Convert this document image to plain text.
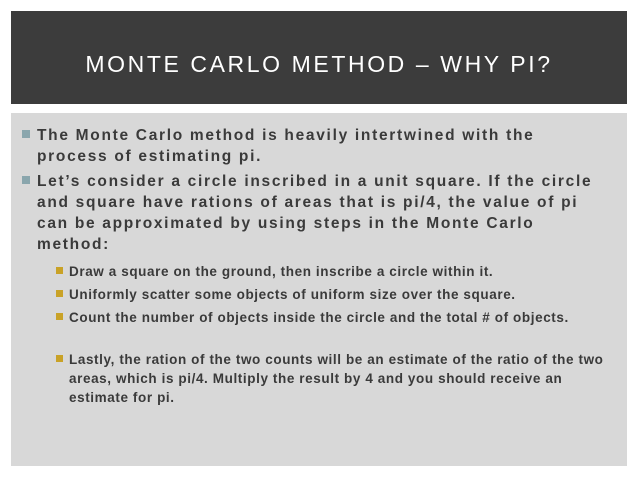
MONTE CARLO METHOD – WHY PI?
The Monte Carlo method is heavily intertwined with the process of estimating pi.
Let’s consider a circle inscribed in a unit square. If the circle and square have rations of areas that is pi/4, the value of pi can be approximated by using steps in the Monte Carlo method:
Draw a square on the ground, then inscribe a circle within it.
Uniformly scatter some objects of uniform size over the square.
Count the number of objects inside the circle and the total # of objects.
Lastly, the ration of the two counts will be an estimate of the ratio of the two areas, which is pi/4. Multiply the result by 4 and you should receive an estimate for pi.
